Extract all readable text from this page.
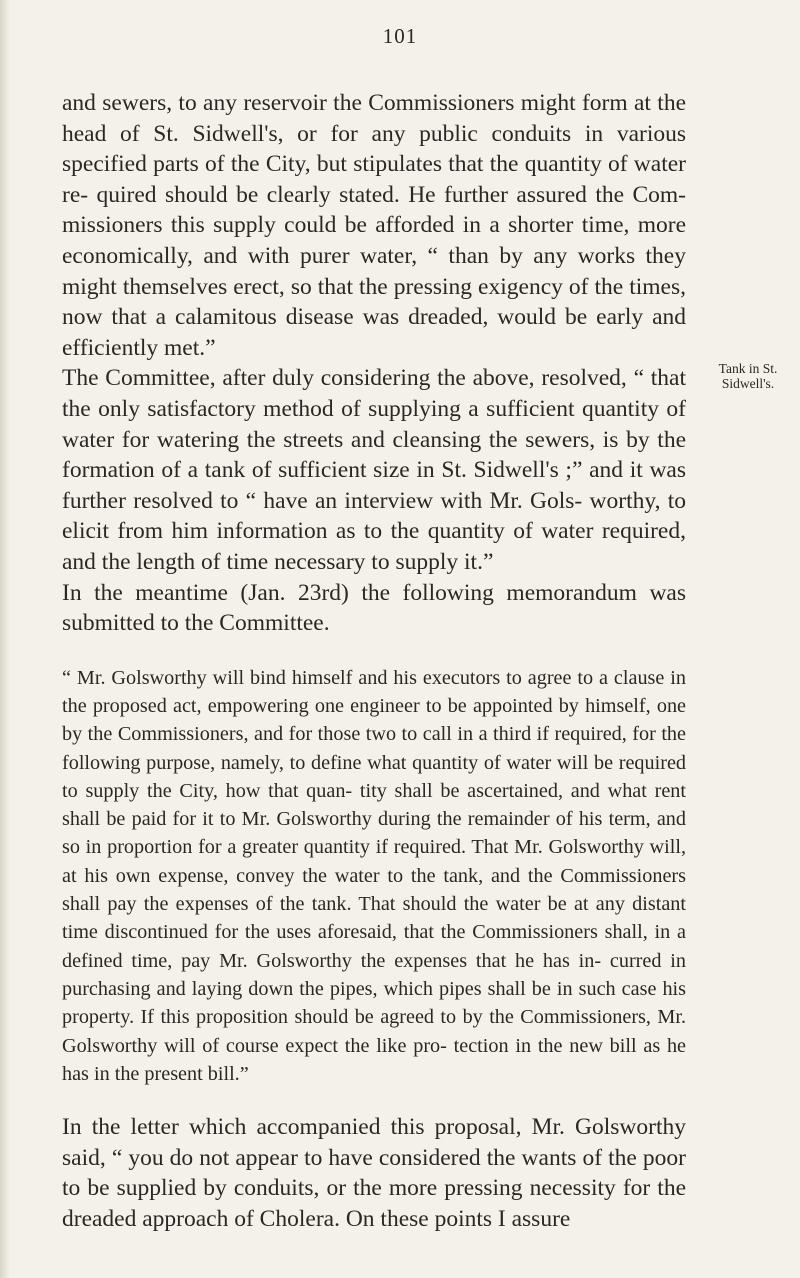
101

and sewers, to any reservoir the Commissioners might form at the head of St. Sidwell's, or for any public conduits in various specified parts of the City, but stipulates that the quantity of water re- quired should be clearly stated. He further assured the Com- missioners this supply could be afforded in a shorter time, more economically, and with purer water, “ than by any works they might themselves erect, so that the pressing exigency of the times, now that a calamitous disease was dreaded, would be early and efficiently met.”

The Committee, after duly considering the above, resolved, “ that the only satisfactory method of supplying a sufficient quantity of water for watering the streets and cleansing the sewers, is by the formation of a tank of sufficient size in St. Sidwell's ;” and it was further resolved to “ have an interview with Mr. Gols- worthy, to elicit from him information as to the quantity of water required, and the length of time necessary to supply it.”

In the meantime (Jan. 23rd) the following memorandum was submitted to the Committee.

“ Mr. Golsworthy will bind himself and his executors to agree to a clause in the proposed act, empowering one engineer to be appointed by himself, one by the Commissioners, and for those two to call in a third if required, for the following purpose, namely, to define what quantity of water will be required to supply the City, how that quan- tity shall be ascertained, and what rent shall be paid for it to Mr. Golsworthy during the remainder of his term, and so in proportion for a greater quantity if required. That Mr. Golsworthy will, at his own expense, convey the water to the tank, and the Commissioners shall pay the expenses of the tank. That should the water be at any distant time discontinued for the uses aforesaid, that the Commissioners shall, in a defined time, pay Mr. Golsworthy the expenses that he has in- curred in purchasing and laying down the pipes, which pipes shall be in such case his property. If this proposition should be agreed to by the Commissioners, Mr. Golsworthy will of course expect the like pro- tection in the new bill as he has in the present bill.”

In the letter which accompanied this proposal, Mr. Golsworthy said, “ you do not appear to have considered the wants of the poor to be supplied by conduits, or the more pressing necessity for the dreaded approach of Cholera. On these points I assure

Tank in St.
Sidwell's.
